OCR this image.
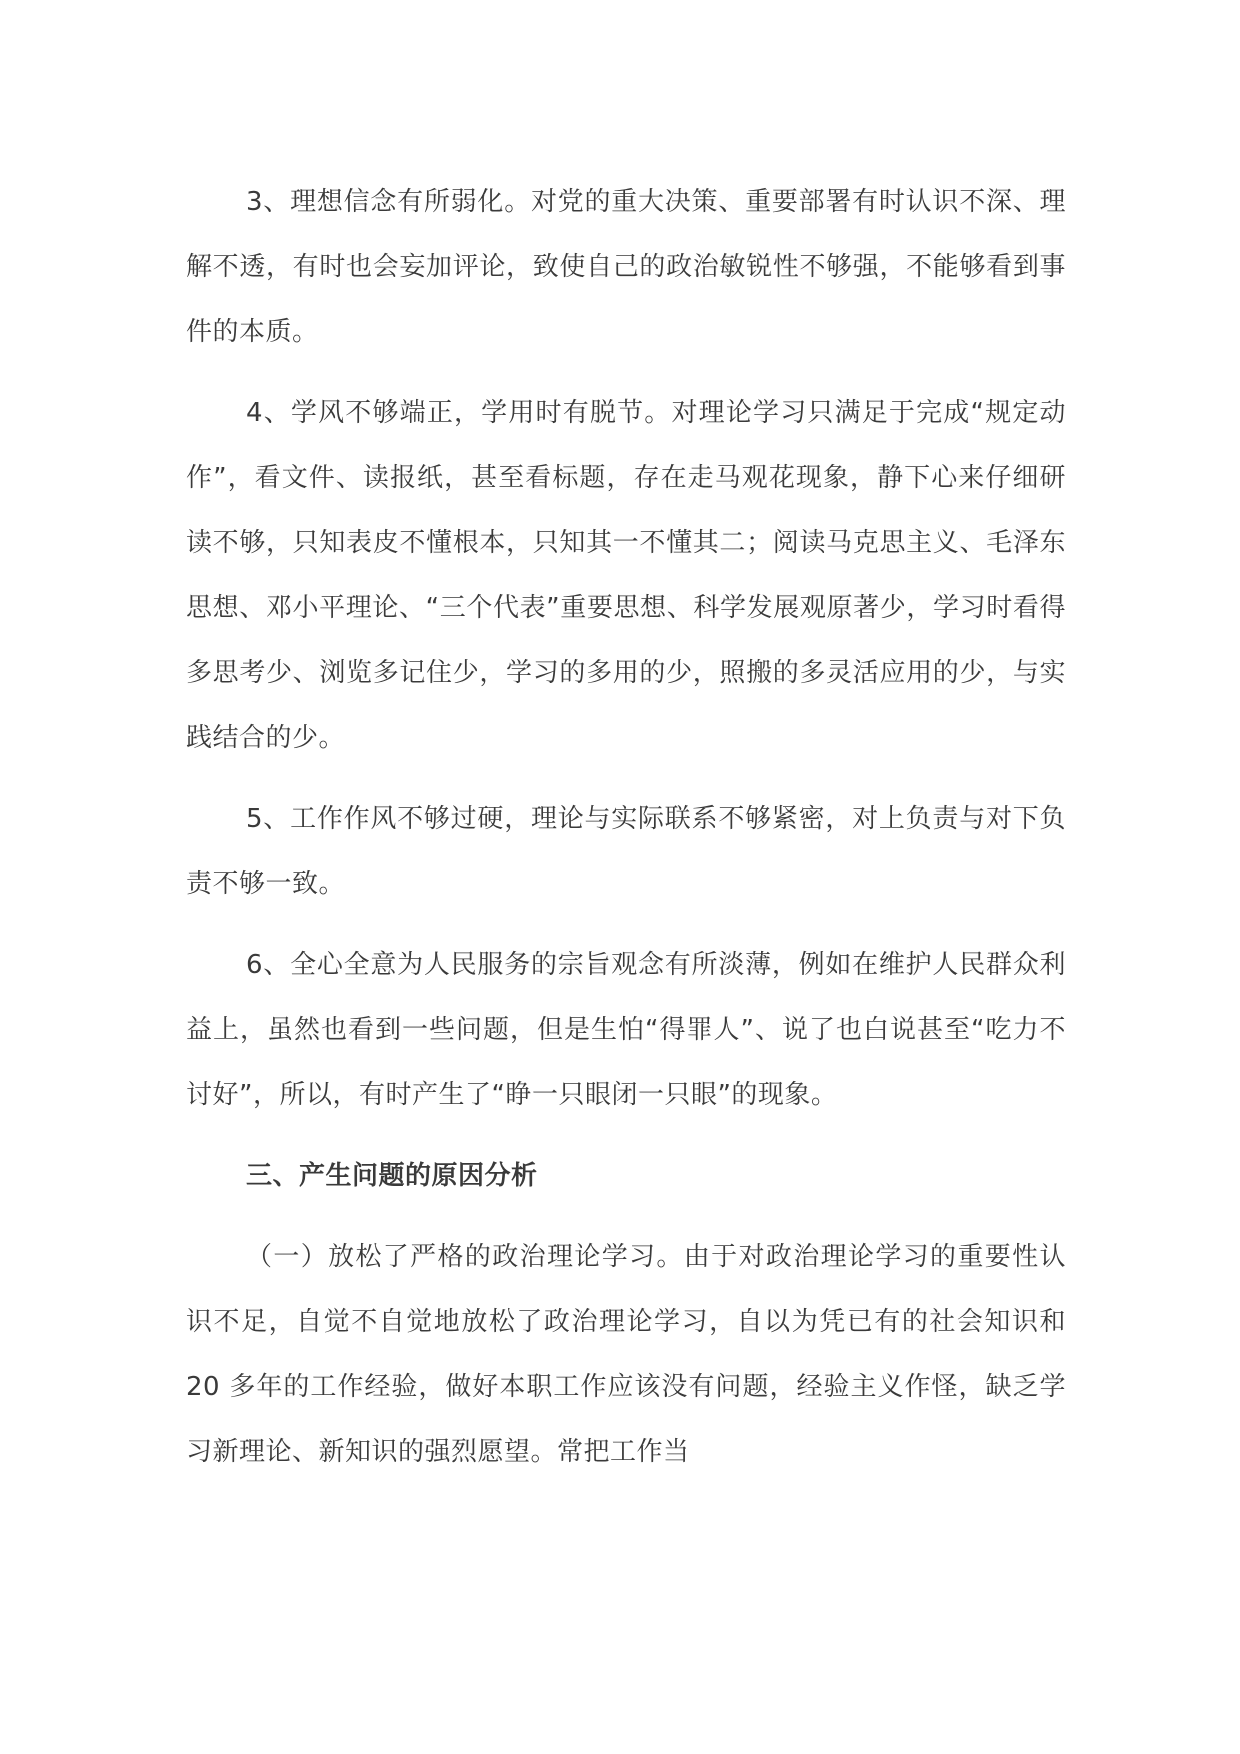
3、理想信念有所弱化。对党的重大决策、重要部署有时认识不深、理解不透，有时也会妄加评论，致使自己的政治敏锐性不够强，不能够看到事件的本质。

4、学风不够端正，学用时有脱节。对理论学习只满足于完成“规定动作”，看文件、读报纸，甚至看标题，存在走马观花现象，静下心来仔细研读不够，只知表皮不懂根本，只知其一不懂其二；阅读马克思主义、毛泽东思想、邓小平理论、“三个代表”重要思想、科学发展观原著少，学习时看得多思考少、浏览多记住少，学习的多用的少，照搬的多灵活应用的少，与实践结合的少。

5、工作作风不够过硬，理论与实际联系不够紧密，对上负责与对下负责不够一致。

6、全心全意为人民服务的宗旨观念有所淡薄，例如在维护人民群众利益上，虽然也看到一些问题，但是生怕“得罪人”、说了也白说甚至“吃力不讨好”，所以，有时产生了“睁一只眼闭一只眼”的现象。

三、产生问题的原因分析

（一）放松了严格的政治理论学习。由于对政治理论学习的重要性认识不足，自觉不自觉地放松了政治理论学习，自以为凭已有的社会知识和 20 多年的工作经验，做好本职工作应该没有问题，经验主义作怪，缺乏学习新理论、新知识的强烈愿望。常把工作当
